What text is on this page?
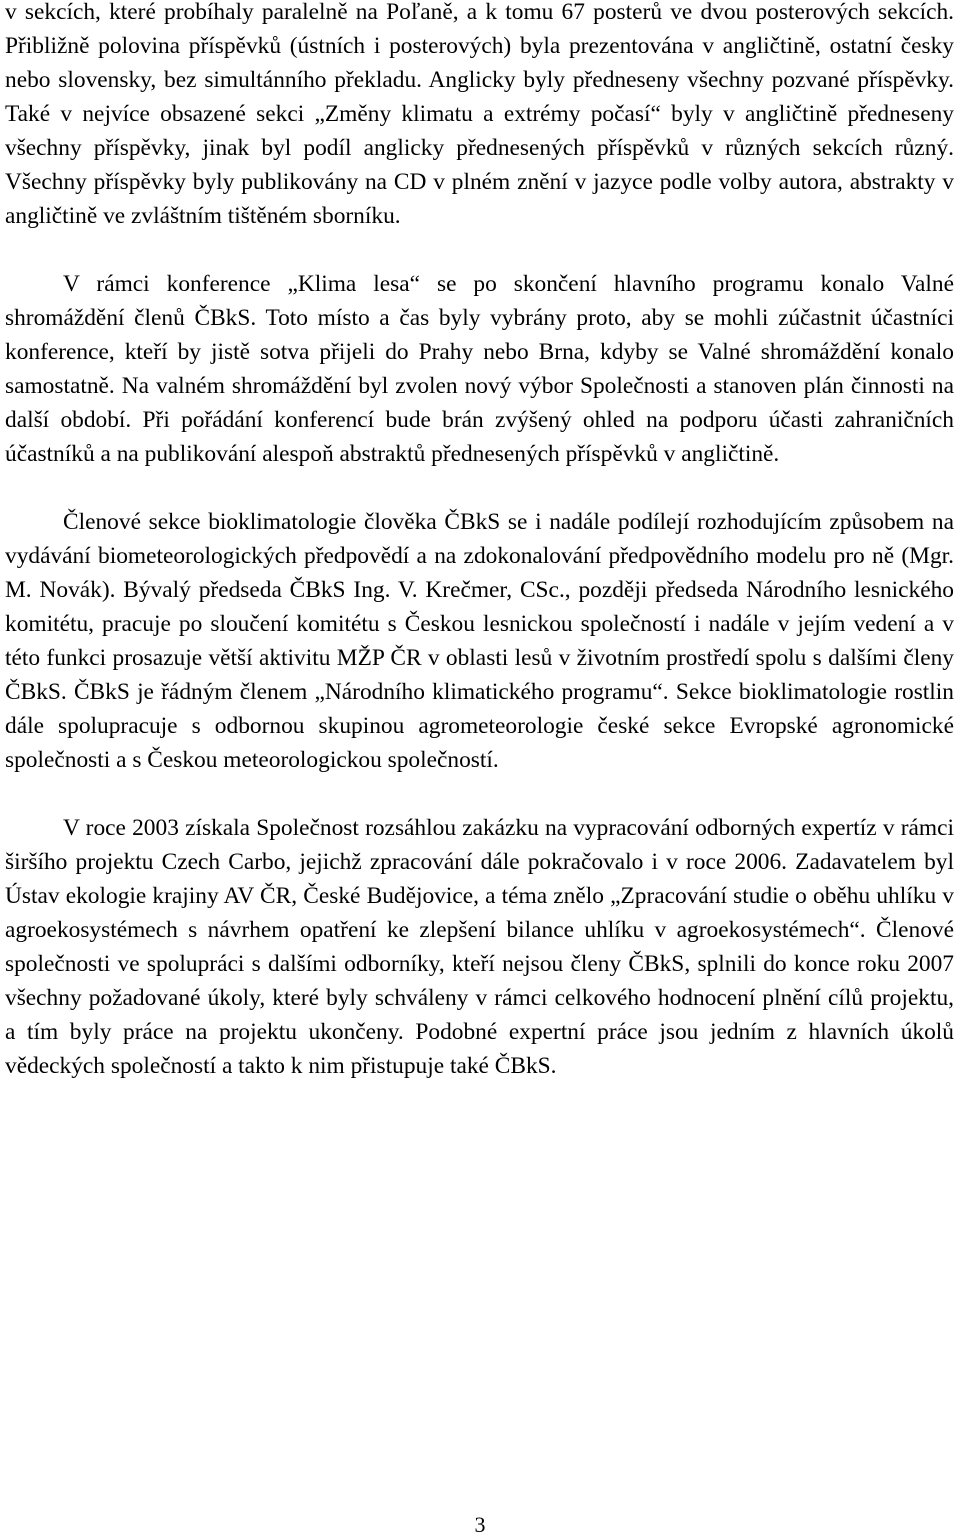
v sekcích, které probíhaly paralelně na Poľaně, a k tomu 67 posterů ve dvou posterových sekcích. Přibližně polovina příspěvků (ústních i posterových) byla prezentována v angličtině, ostatní česky nebo slovensky, bez simultánního překladu. Anglicky byly předneseny všechny pozvané příspěvky. Také v nejvíce obsazené sekci „Změny klimatu a extrémy počasí“ byly v angličtině předneseny všechny příspěvky, jinak byl podíl anglicky přednesených příspěvků v různých sekcích různý. Všechny příspěvky byly publikovány na CD v plném znění v jazyce podle volby autora, abstrakty v angličtině ve zvláštním tištěném sborníku.

V rámci konference „Klima lesa“ se po skončení hlavního programu konalo Valné shromáždění členů ČBkS. Toto místo a čas byly vybrány proto, aby se mohli zúčastnit účastníci konference, kteří by jistě sotva přijeli do Prahy nebo Brna, kdyby se Valné shromáždění konalo samostatně. Na valném shromáždění byl zvolen nový výbor Společnosti a stanoven plán činnosti na další období. Při pořádání konferencí bude brán zvýšený ohled na podporu účasti zahraničních účastníků a na publikování alespoň abstraktů přednesených příspěvků v angličtině.

Členové sekce bioklimatologie člověka ČBkS se i nadále podílejí rozhodujícím způsobem na vydávání biometeorologických předpovědí a na zdokonalování předpovědního modelu pro ně (Mgr. M. Novák). Bývalý předseda ČBkS Ing. V. Krečmer, CSc., později předseda Národního lesnického komitétu, pracuje po sloučení komitétu s Českou lesnickou společností i nadále v jejím vedení a v této funkci prosazuje větší aktivitu MŽP ČR v oblasti lesů v životním prostředí spolu s dalšími členy ČBkS. ČBkS je řádným členem „Národního klimatického programu“. Sekce bioklimatologie rostlin dále spolupracuje s odbornou skupinou agrometeorologie české sekce Evropské agronomické společnosti a s Českou meteorologickou společností.

V roce 2003 získala Společnost rozsáhlou zakázku na vypracování odborných expertíz v rámci širšího projektu Czech Carbo, jejichž zpracování dále pokračovalo i v roce 2006. Zadavatelem byl Ústav ekologie krajiny AV ČR, České Budějovice, a téma znělo „Zpracování studie o oběhu uhlíku v agroekosystémech s návrhem opatření ke zlepšení bilance uhlíku v agroekosystémech“. Členové společnosti ve spolupráci s dalšími odborníky, kteří nejsou členy ČBkS, splnili do konce roku 2007 všechny požadované úkoly, které byly schváleny v rámci celkového hodnocení plnění cílů projektu, a tím byly práce na projektu ukončeny. Podobné expertní práce jsou jedním z hlavních úkolů vědeckých společností a takto k nim přistupuje také ČBkS.

3
